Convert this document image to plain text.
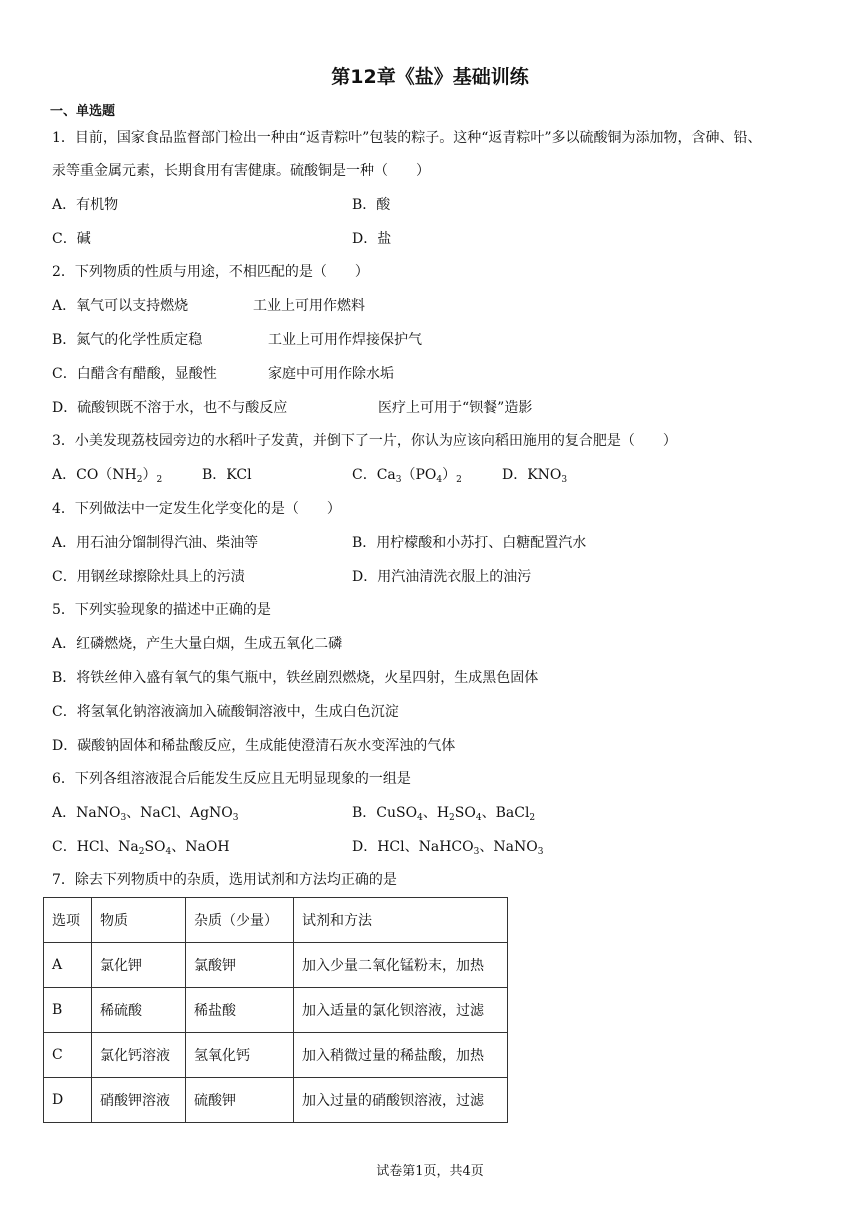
第12章《盐》基础训练
一、单选题
1．目前，国家食品监督部门检出一种由“返青粽叶”包装的粽子。这种“返青粽叶”多以硫酸铜为添加物，含砷、铅、
汞等重金属元素，长期食用有害健康。硫酸铜是一种（　　）
A．有机物	B．酸
C．碱	D．盐
2．下列物质的性质与用途，不相匹配的是（　　）
A．氧气可以支持燃烧	工业上可用作燃料
B．氮气的化学性质定稳	工业上可用作焊接保护气
C．白醋含有醋酸，显酸性	家庭中可用作除水垢
D．硫酸钡既不溶于水，也不与酸反应	医疗上可用于“钡餐”造影
3．小美发现荔枝园旁边的水稻叶子发黄，并倒下了一片，你认为应该向稻田施用的复合肥是（　　）
A．$CO(NH_2)_2$	B．KCl	C．$Ca_3(PO_4)_2$	D．$KNO_3$
4．下列做法中一定发生化学变化的是（　　）
A．用石油分馏制得汽油、柴油等	B．用柠檬酸和小苏打、白糖配置汽水
C．用钢丝球擦除灶具上的污渍	D．用汽油清洗衣服上的油污
5．下列实验现象的描述中正确的是
A．红磷燃烧，产生大量白烟，生成五氧化二磷
B．将铁丝伸入盛有氧气的集气瓶中，铁丝剧烈燃烧，火星四射，生成黑色固体
C．将氢氧化钠溶液滴加入硫酸铜溶液中，生成白色沉淀
D．碳酸钠固体和稀盐酸反应，生成能使澄清石灰水变浑浊的气体
6．下列各组溶液混合后能发生反应且无明显现象的一组是
A．NaNO$_3$、NaCl、AgNO$_3$	B．CuSO$_4$、$H_2SO_4$、BaCl$_2$
C．HCl、$Na_2SO_4$、NaOH	D．HCl、NaHCO$_3$、NaNO$_3$
7．除去下列物质中的杂质，选用试剂和方法均正确的是
选项	物质	杂质（少量）	试剂和方法
A	氯化钾	氯酸钾	加入少量二氧化锰粉末，加热
B	稀硫酸	稀盐酸	加入适量的氯化钡溶液，过滤
C	氯化钙溶液	氢氧化钙	加入稍微过量的稀盐酸，加热
D	硝酸钾溶液	硫酸钾	加入过量的硝酸钡溶液，过滤
试卷第1页，共4页
